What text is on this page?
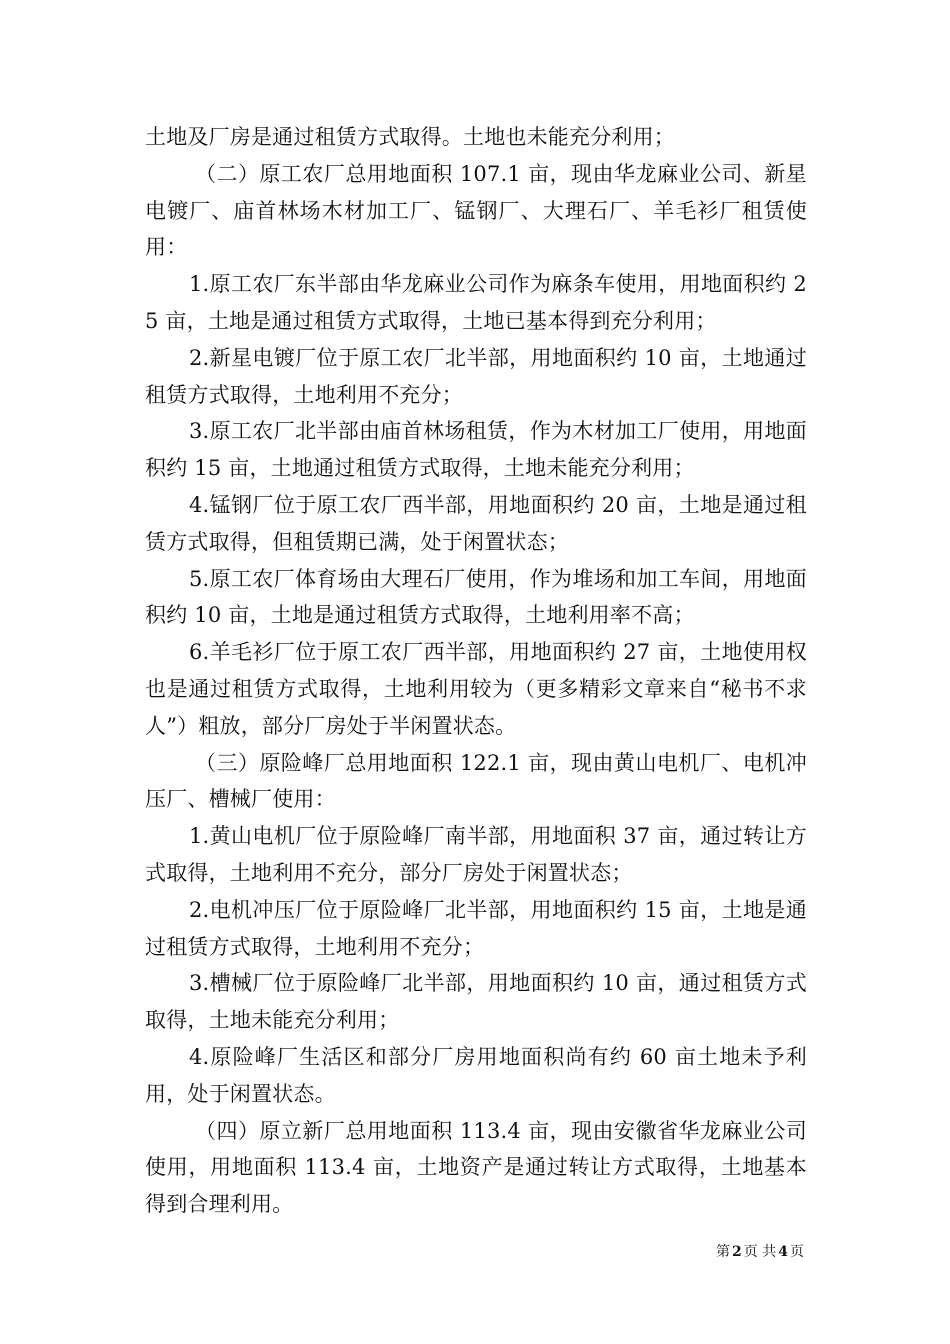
土地及厂房是通过租赁方式取得。土地也未能充分利用；

（二）原工农厂总用地面积 107.1 亩，现由华龙麻业公司、新星电镀厂、庙首林场木材加工厂、锰钢厂、大理石厂、羊毛衫厂租赁使用：

1.原工农厂东半部由华龙麻业公司作为麻条车使用，用地面积约 25 亩，土地是通过租赁方式取得，土地已基本得到充分利用；

2.新星电镀厂位于原工农厂北半部，用地面积约 10 亩，土地通过租赁方式取得，土地利用不充分；

3.原工农厂北半部由庙首林场租赁，作为木材加工厂使用，用地面积约 15 亩，土地通过租赁方式取得，土地未能充分利用；

4.锰钢厂位于原工农厂西半部，用地面积约 20 亩，土地是通过租赁方式取得，但租赁期已满，处于闲置状态；

5.原工农厂体育场由大理石厂使用，作为堆场和加工车间，用地面积约 10 亩，土地是通过租赁方式取得，土地利用率不高；

6.羊毛衫厂位于原工农厂西半部，用地面积约 27 亩，土地使用权也是通过租赁方式取得，土地利用较为（更多精彩文章来自“秘书不求人”）粗放，部分厂房处于半闲置状态。

（三）原险峰厂总用地面积 122.1 亩，现由黄山电机厂、电机冲压厂、槽械厂使用：

1.黄山电机厂位于原险峰厂南半部，用地面积 37 亩，通过转让方式取得，土地利用不充分，部分厂房处于闲置状态；

2.电机冲压厂位于原险峰厂北半部，用地面积约 15 亩，土地是通过租赁方式取得，土地利用不充分；

3.槽械厂位于原险峰厂北半部，用地面积约 10 亩，通过租赁方式取得，土地未能充分利用；

4.原险峰厂生活区和部分厂房用地面积尚有约 60 亩土地未予利用，处于闲置状态。

（四）原立新厂总用地面积 113.4 亩，现由安徽省华龙麻业公司使用，用地面积 113.4 亩，土地资产是通过转让方式取得，土地基本得到合理利用。

第 2 页 共 4 页
